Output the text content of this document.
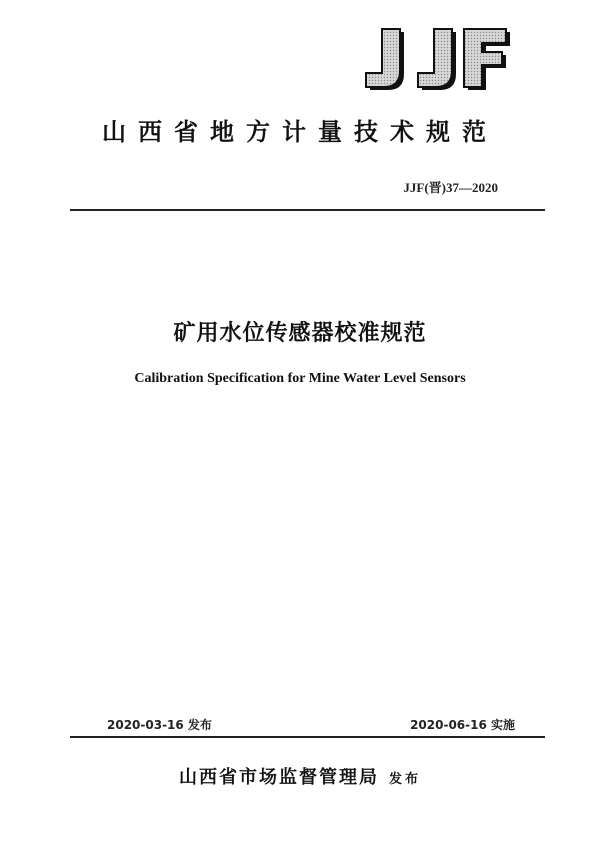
山西省地方计量技术规范
JJF(晋)37—2020
矿用水位传感器校准规范
Calibration Specification for Mine Water Level Sensors
2020-03-16 发布	2020-06-16 实施
山西省市场监督管理局 发布
